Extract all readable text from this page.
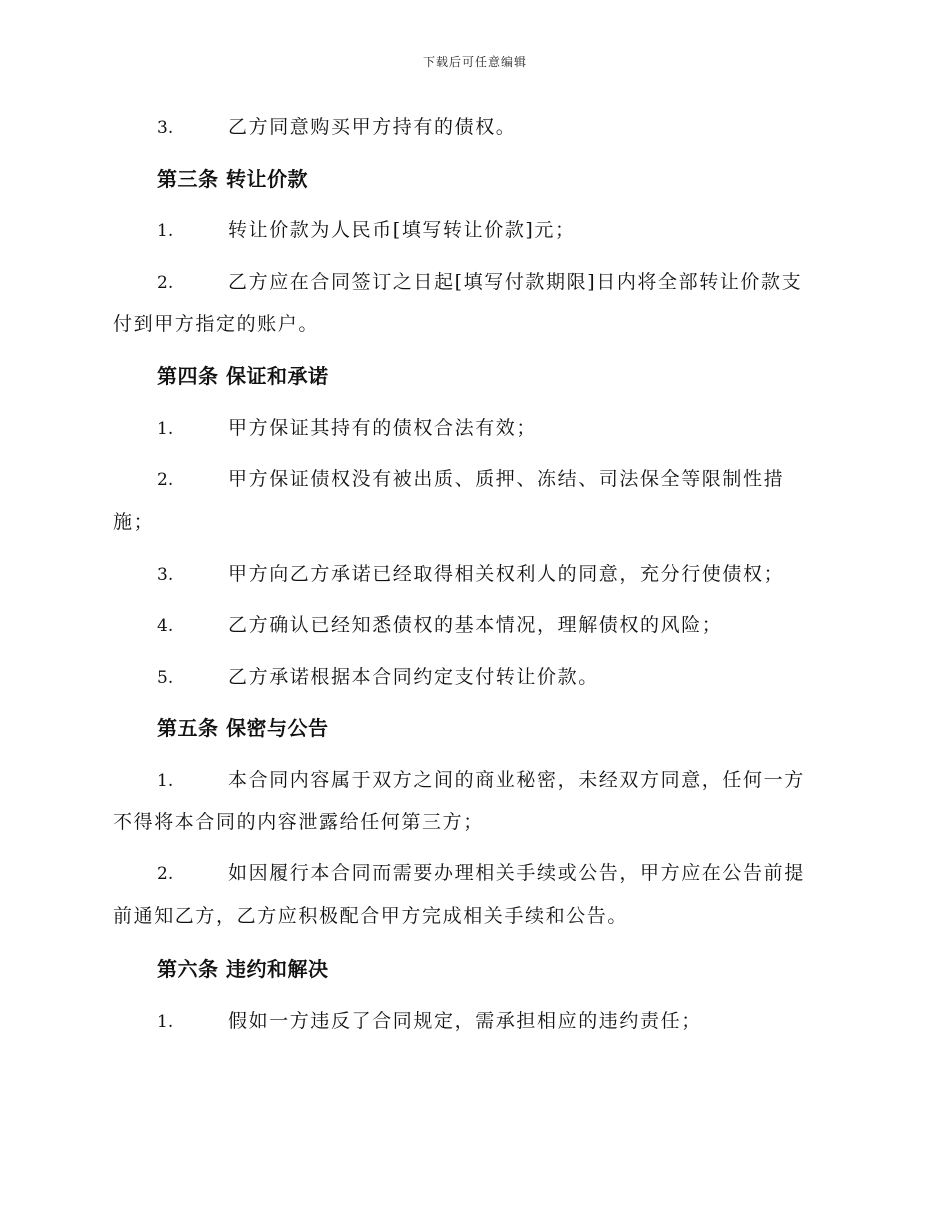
下载后可任意编辑
3.	乙方同意购买甲方持有的债权。
第三条 转让价款
1.	转让价款为人民币[填写转让价款]元；
2.	乙方应在合同签订之日起[填写付款期限]日内将全部转让价款支
付到甲方指定的账户。
第四条 保证和承诺
1.	甲方保证其持有的债权合法有效；
2.	甲方保证债权没有被出质、质押、冻结、司法保全等限制性措
施；
3.	甲方向乙方承诺已经取得相关权利人的同意，充分行使债权；
4.	乙方确认已经知悉债权的基本情况，理解债权的风险；
5.	乙方承诺根据本合同约定支付转让价款。
第五条 保密与公告
1.	本合同内容属于双方之间的商业秘密，未经双方同意，任何一方
不得将本合同的内容泄露给任何第三方；
2.	如因履行本合同而需要办理相关手续或公告，甲方应在公告前提
前通知乙方，乙方应积极配合甲方完成相关手续和公告。
第六条 违约和解决
1.	假如一方违反了合同规定，需承担相应的违约责任；
